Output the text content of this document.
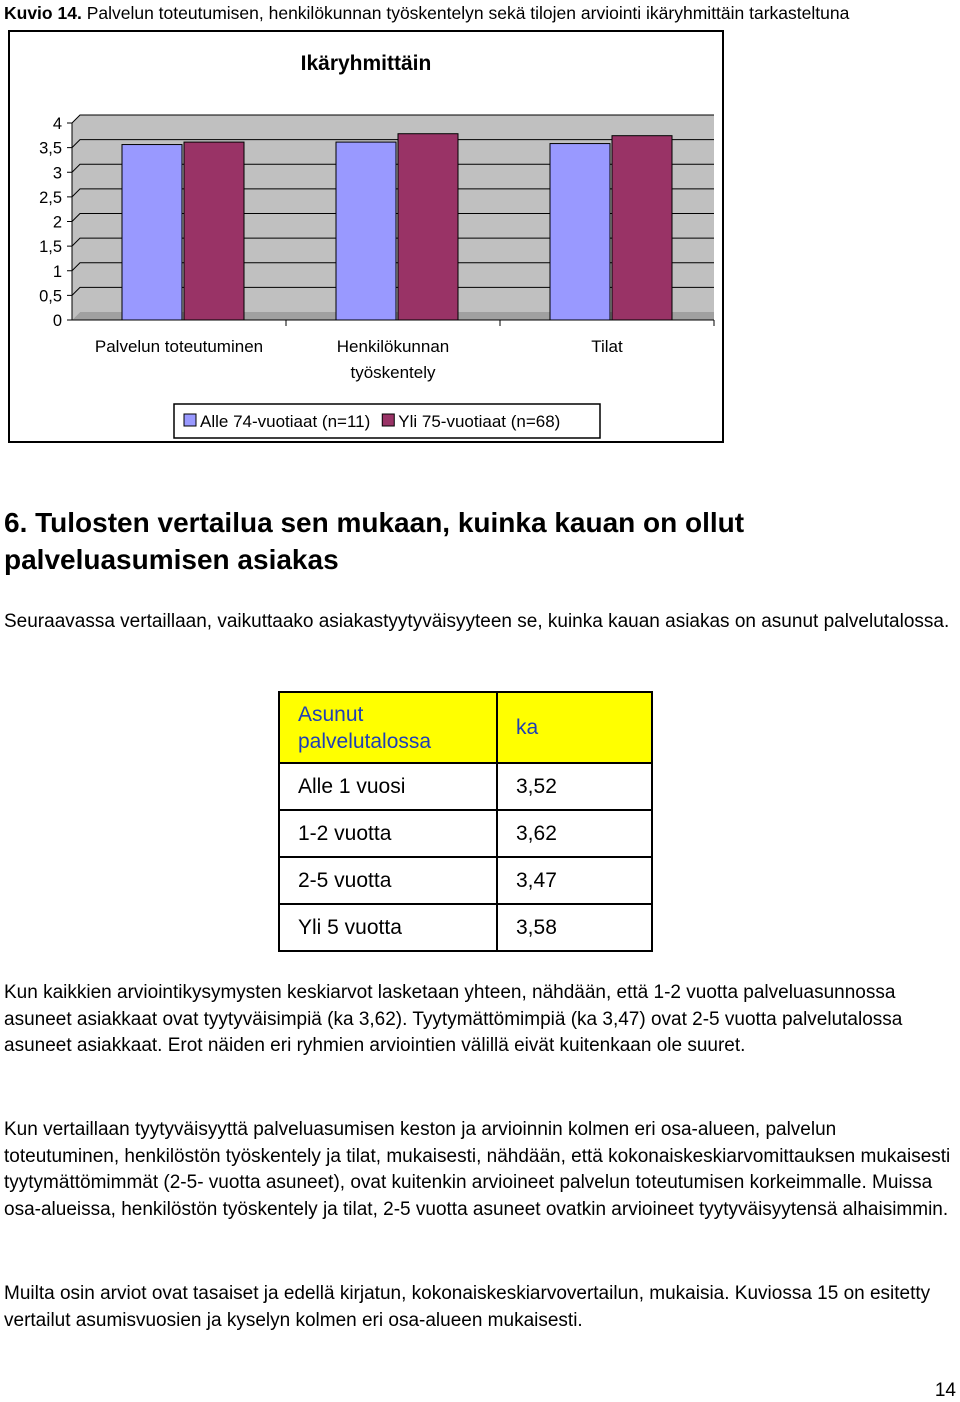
Kuvio 14. Palvelun toteutumisen, henkilökunnan työskentelyn sekä tilojen arviointi ikäryhmittäin tarkasteltuna
Ikäryhmittäin
0
0,5
1
1,5
2
2,5
3
3,5
4
Palvelun toteutuminen	Henkilökunnan
työskentely
Tilat
Alle 74-vuotiaat (n=11) Yli 75-vuotiaat (n=68)
6. Tulosten vertailua sen mukaan, kuinka kauan on ollut palveluasumisen asiakas

Seuraavassa vertaillaan, vaikuttaako asiakastyytyväisyyteen se, kuinka kauan asiakas on asunut palvelutalossa.

Asunut palvelutalossa	ka
Alle 1 vuosi	3,52
1-2 vuotta	3,62
2-5 vuotta	3,47
Yli 5 vuotta	3,58

Kun kaikkien arviointikysymysten keskiarvot lasketaan yhteen, nähdään, että 1-2 vuotta palveluasunnossa asuneet asiakkaat ovat tyytyväisimpiä (ka 3,62). Tyytymättömimpiä (ka 3,47) ovat 2-5 vuotta palvelutalossa asuneet asiakkaat. Erot näiden eri ryhmien arviointien välillä eivät kuitenkaan ole suuret.

Kun vertaillaan tyytyväisyyttä palveluasumisen keston ja arvioinnin kolmen eri osa-alueen, palvelun toteutuminen, henkilöstön työskentely ja tilat, mukaisesti, nähdään, että kokonaiskeskiarvomittauksen mukaisesti tyytymättömimmät (2-5- vuotta asuneet), ovat kuitenkin arvioineet palvelun toteutumisen korkeimmalle. Muissa osa-alueissa, henkilöstön työskentely ja tilat, 2-5 vuotta asuneet ovatkin arvioineet tyytyväisyytensä alhaisimmin.

Muilta osin arviot ovat tasaiset ja edellä kirjatun, kokonaiskeskiarvovertailun, mukaisia. Kuviossa 15 on esitetty vertailut asumisvuosien ja kyselyn kolmen eri osa-alueen mukaisesti.

14
